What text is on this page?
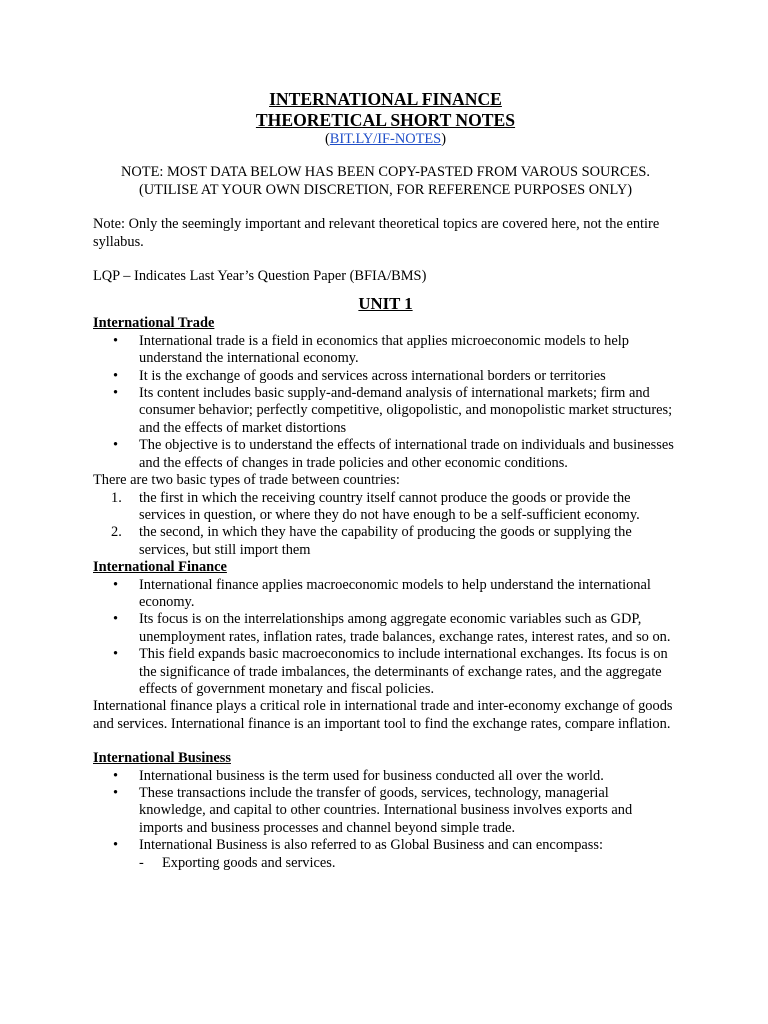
INTERNATIONAL FINANCE
THEORETICAL SHORT NOTES
(BIT.LY/IF-NOTES)
NOTE: MOST DATA BELOW HAS BEEN COPY-PASTED FROM VAROUS SOURCES.
(UTILISE AT YOUR OWN DISCRETION, FOR REFERENCE PURPOSES ONLY)

Note: Only the seemingly important and relevant theoretical topics are covered here, not the entire syllabus.

LQP – Indicates Last Year’s Question Paper (BFIA/BMS)

UNIT 1
International Trade
•	International trade is a field in economics that applies microeconomic models to help understand the international economy.
•	It is the exchange of goods and services across international borders or territories
•	Its content includes basic supply-and-demand analysis of international markets; firm and consumer behavior; perfectly competitive, oligopolistic, and monopolistic market structures; and the effects of market distortions
•	The objective is to understand the effects of international trade on individuals and businesses and the effects of changes in trade policies and other economic conditions.

There are two basic types of trade between countries:

1.	the first in which the receiving country itself cannot produce the goods or provide the services in question, or where they do not have enough to be a self-sufficient economy.
2.	the second, in which they have the capability of producing the goods or supplying the services, but still import them
International Finance
•	International finance applies macroeconomic models to help understand the international economy.
•	Its focus is on the interrelationships among aggregate economic variables such as GDP, unemployment rates, inflation rates, trade balances, exchange rates, interest rates, and so on.
•	This field expands basic macroeconomics to include international exchanges. Its focus is on the significance of trade imbalances, the determinants of exchange rates, and the aggregate effects of government monetary and fiscal policies.

International finance plays a critical role in international trade and inter-economy exchange of goods and services. International finance is an important tool to find the exchange rates, compare inflation.

International Business
•	International business is the term used for business conducted all over the world.
•	These transactions include the transfer of goods, services, technology, managerial knowledge, and capital to other countries. International business involves exports and imports and business processes and channel beyond simple trade.
•	International Business is also referred to as Global Business and can encompass:
-	Exporting goods and services.
